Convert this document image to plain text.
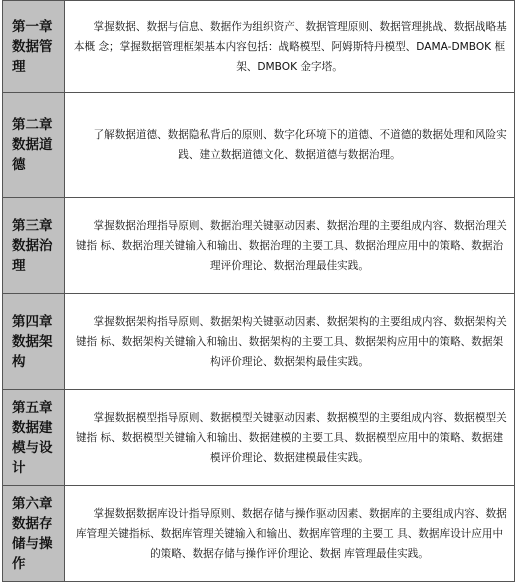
第一章数据管理	掌握数据、数据与信息、数据作为组织资产、数据管理原则、数据管理挑战、数据战略基本概 念；掌握数据管理框架基本内容包括：战略模型、阿姆斯特丹模型、DAMA-DMBOK 框架、DMBOK 金字塔。

第二章数据道德	了解数据道德、数据隐私背后的原则、数字化环境下的道德、不道德的数据处理和风险实践、建立数据道德文化、数据道德与数据治理。

第三章数据治理	掌握数据治理指导原则、数据治理关键驱动因素、数据治理的主要组成内容、数据治理关键指 标、数据治理关键输入和输出、数据治理的主要工具、数据治理应用中的策略、数据治理评价理论、数据治理最佳实践。

第四章数据架构	掌握数据架构指导原则、数据架构关键驱动因素、数据架构的主要组成内容、数据架构关键指 标、数据架构关键输入和输出、数据架构的主要工具、数据架构应用中的策略、数据架构评价理论、数据架构最佳实践。

第五章数据建模与设计	掌握数据模型指导原则、数据模型关键驱动因素、数据模型的主要组成内容、数据模型关键指 标、数据模型关键输入和输出、数据建模的主要工具、数据模型应用中的策略、数据建模评价理论、数据建模最佳实践。

第六章数据存储与操作	掌握数据数据库设计指导原则、数据存储与操作驱动因素、数据库的主要组成内容、数据库管理关键指标、数据库管理关键输入和输出、数据库管理的主要工 具、数据库设计应用中的策略、数据存储与操作评价理论、数据 库管理最佳实践。
